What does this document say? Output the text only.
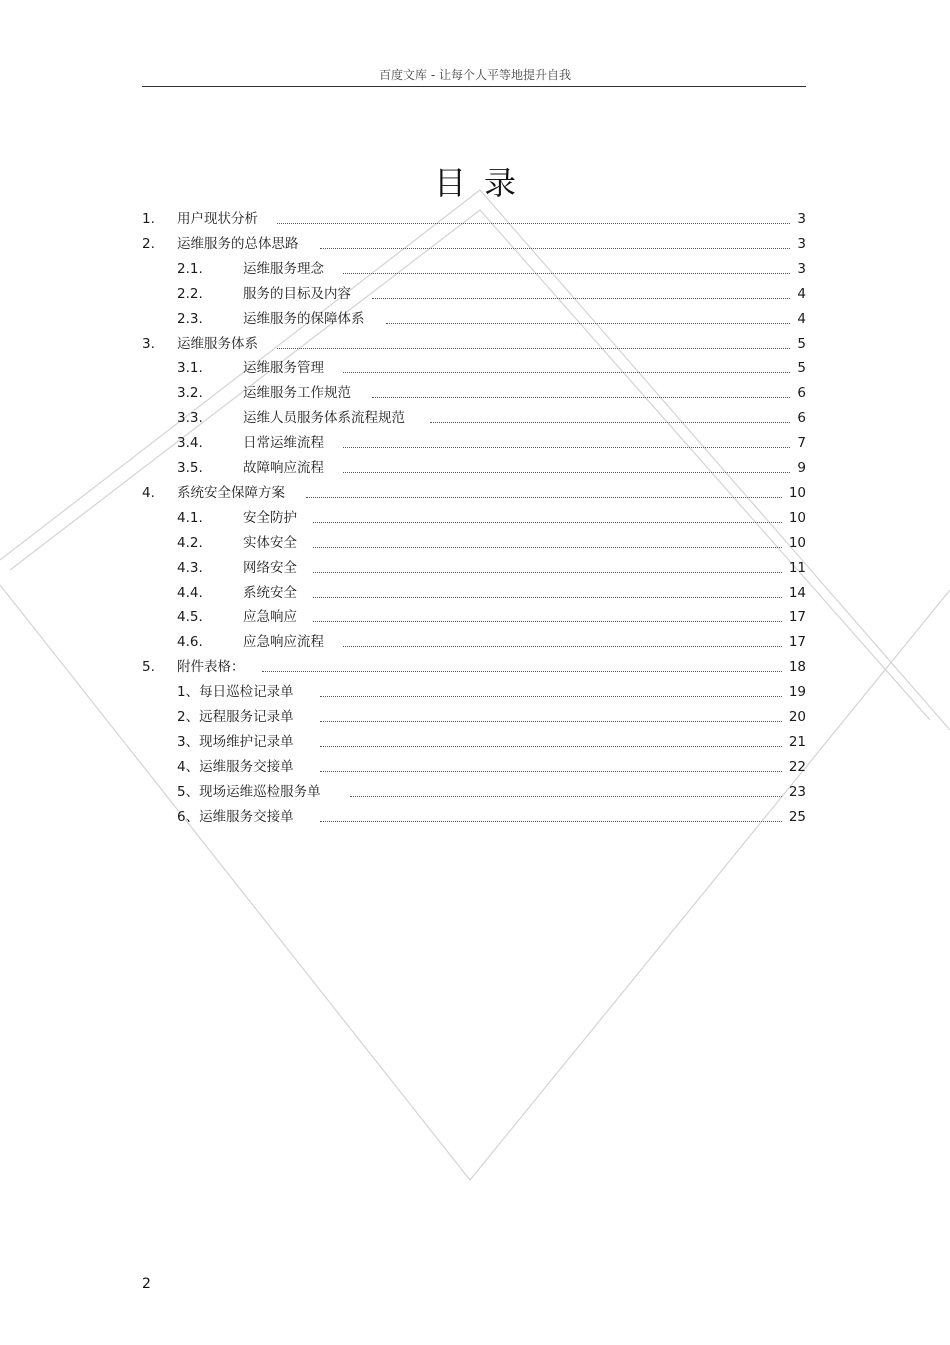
百度文库 - 让每个人平等地提升自我
目录
1. 用户现状分析	3
2. 运维服务的总体思路	3
2.1.	运维服务理念	3
2.2.	服务的目标及内容	4
2.3.	运维服务的保障体系	4
3. 运维服务体系	5
3.1.	运维服务管理	5
3.2.	运维服务工作规范	6
3.3.	运维人员服务体系流程规范	6
3.4.	日常运维流程	7
3.5.	故障响应流程	9
4. 系统安全保障方案	10
4.1.	安全防护	10
4.2.	实体安全	10
4.3.	网络安全	11
4.4.	系统安全	14
4.5.	应急响应	17
4.6.	应急响应流程	17
5. 附件表格：	18
1、每日巡检记录单	19
2、远程服务记录单	20
3、现场维护记录单	21
4、运维服务交接单	22
5、现场运维巡检服务单	23
6、运维服务交接单	25
2
